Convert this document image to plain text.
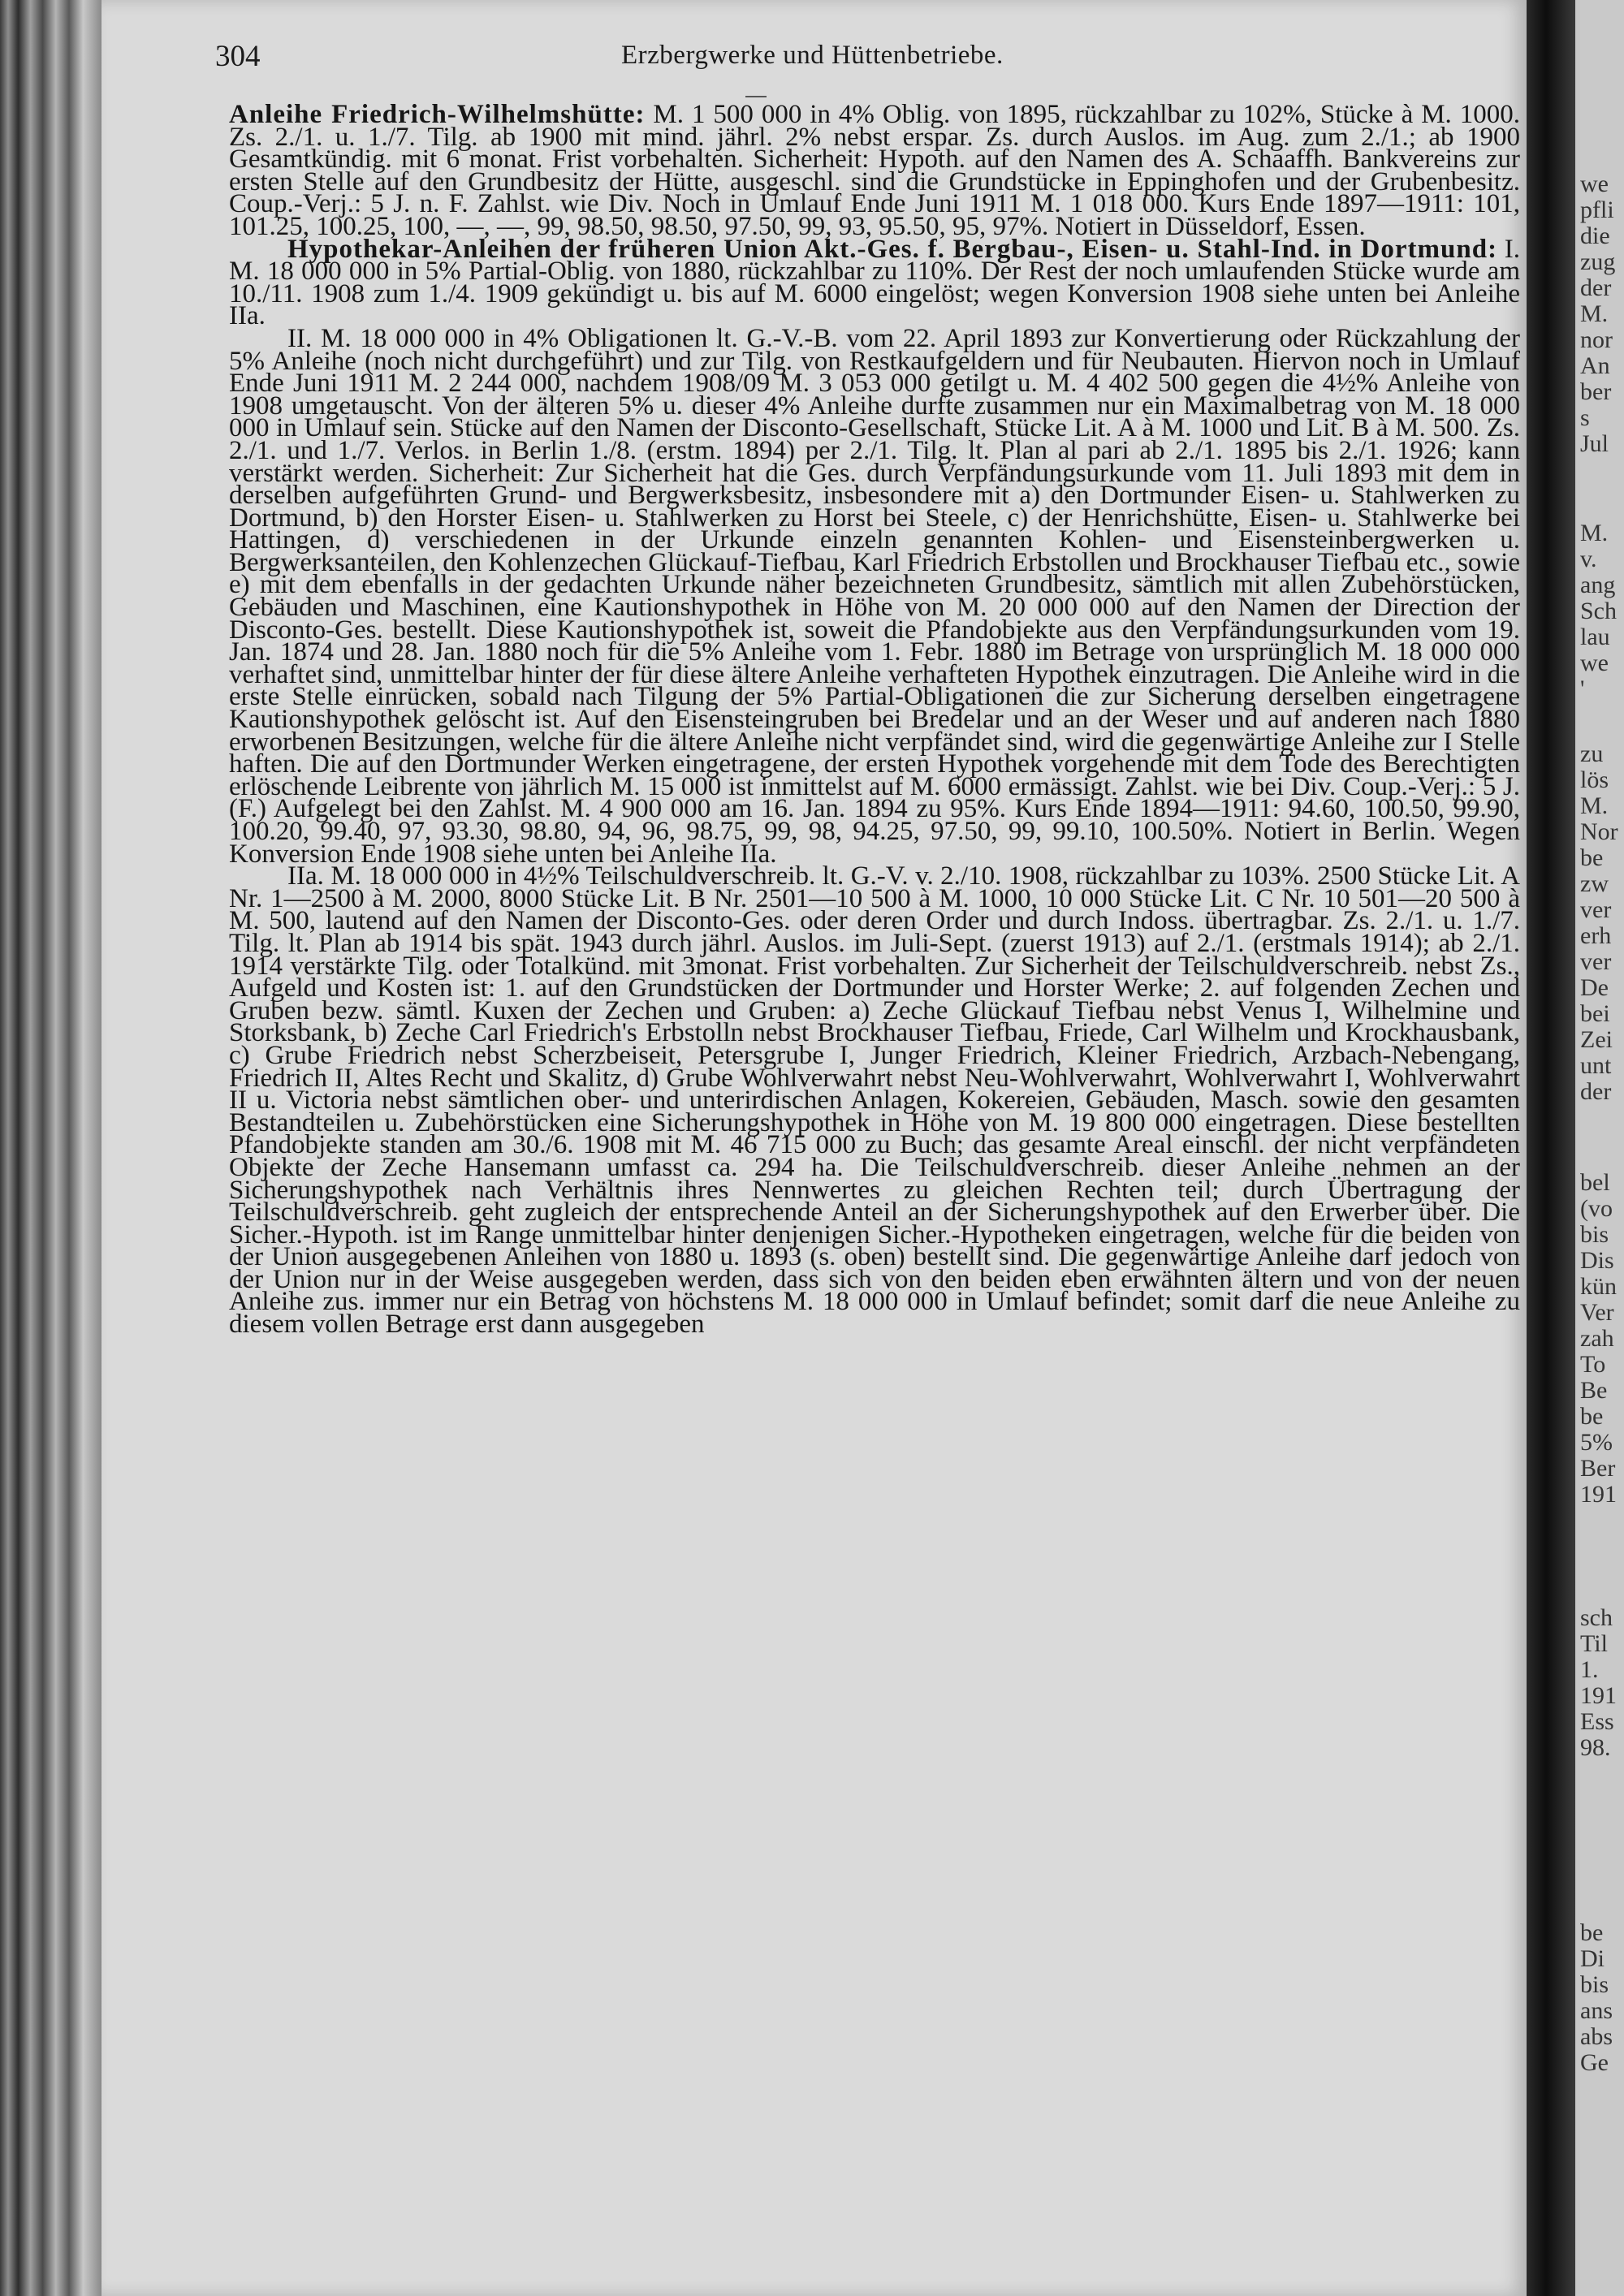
304	Erzbergwerke und Hüttenbetriebe.

Anleihe Friedrich-Wilhelmshütte: M. 1 500 000 in 4% Oblig. von 1895, rückzahlbar zu 102%, Stücke à M. 1000. Zs. 2./1. u. 1./7. Tilg. ab 1900 mit mind. jährl. 2% nebst erspar. Zs. durch Auslos. im Aug. zum 2./1.; ab 1900 Gesamtkündig. mit 6 monat. Frist vorbehalten. Sicherheit: Hypoth. auf den Namen des A. Schaaffh. Bankvereins zur ersten Stelle auf den Grundbesitz der Hütte, ausgeschl. sind die Grundstücke in Eppinghofen und der Grubenbesitz. Coup.-Verj.: 5 J. n. F. Zahlst. wie Div. Noch in Umlauf Ende Juni 1911 M. 1 018 000. Kurs Ende 1897—1911: 101, 101.25, 100.25, 100, —, —, 99, 98.50, 98.50, 97.50, 99, 93, 95.50, 95, 97%. Notiert in Düsseldorf, Essen.

Hypothekar-Anleihen der früheren Union Akt.-Ges. f. Bergbau-, Eisen- u. Stahl-Ind. in Dortmund: I. M. 18 000 000 in 5% Partial-Oblig. von 1880, rückzahlbar zu 110%. Der Rest der noch umlaufenden Stücke wurde am 10./11. 1908 zum 1./4. 1909 gekündigt u. bis auf M. 6000 eingelöst; wegen Konversion 1908 siehe unten bei Anleihe IIa.

II. M. 18 000 000 in 4% Obligationen lt. G.-V.-B. vom 22. April 1893 zur Konvertierung oder Rückzahlung der 5% Anleihe (noch nicht durchgeführt) und zur Tilg. von Restkaufgeldern und für Neubauten. Hiervon noch in Umlauf Ende Juni 1911 M. 2 244 000, nachdem 1908/09 M. 3 053 000 getilgt u. M. 4 402 500 gegen die 4½% Anleihe von 1908 umgetauscht. Von der älteren 5% u. dieser 4% Anleihe durfte zusammen nur ein Maximalbetrag von M. 18 000 000 in Umlauf sein. Stücke auf den Namen der Disconto-Gesellschaft, Stücke Lit. A à M. 1000 und Lit. B à M. 500. Zs. 2./1. und 1./7. Verlos. in Berlin 1./8. (erstm. 1894) per 2./1. Tilg. lt. Plan al pari ab 2./1. 1895 bis 2./1. 1926; kann verstärkt werden. Sicherheit: Zur Sicherheit hat die Ges. durch Verpfändungsurkunde vom 11. Juli 1893 mit dem in derselben aufgeführten Grund- und Bergwerksbesitz, insbesondere mit a) den Dortmunder Eisen- u. Stahlwerken zu Dortmund, b) den Horster Eisen- u. Stahlwerken zu Horst bei Steele, c) der Henrichshütte, Eisen- u. Stahlwerke bei Hattingen, d) verschiedenen in der Urkunde einzeln genannten Kohlen- und Eisensteinbergwerken u. Bergwerksanteilen, den Kohlenzechen Glückauf-Tiefbau, Karl Friedrich Erbstollen und Brockhauser Tiefbau etc., sowie e) mit dem ebenfalls in der gedachten Urkunde näher bezeichneten Grundbesitz, sämtlich mit allen Zubehörstücken, Gebäuden und Maschinen, eine Kautionshypothek in Höhe von M. 20 000 000 auf den Namen der Direction der Disconto-Ges. bestellt. Diese Kautionshypothek ist, soweit die Pfandobjekte aus den Verpfändungsurkunden vom 19. Jan. 1874 und 28. Jan. 1880 noch für die 5% Anleihe vom 1. Febr. 1880 im Betrage von ursprünglich M. 18 000 000 verhaftet sind, unmittelbar hinter der für diese ältere Anleihe verhafteten Hypothek einzutragen. Die Anleihe wird in die erste Stelle einrücken, sobald nach Tilgung der 5% Partial-Obligationen die zur Sicherung derselben eingetragene Kautionshypothek gelöscht ist. Auf den Eisensteingruben bei Bredelar und an der Weser und auf anderen nach 1880 erworbenen Besitzungen, welche für die ältere Anleihe nicht verpfändet sind, wird die gegenwärtige Anleihe zur I Stelle haften. Die auf den Dortmunder Werken eingetragene, der ersten Hypothek vorgehende mit dem Tode des Berechtigten erlöschende Leibrente von jährlich M. 15 000 ist inmittelst auf M. 6000 ermässigt. Zahlst. wie bei Div. Coup.-Verj.: 5 J. (F.) Aufgelegt bei den Zahlst. M. 4 900 000 am 16. Jan. 1894 zu 95%. Kurs Ende 1894—1911: 94.60, 100.50, 99.90, 100.20, 99.40, 97, 93.30, 98.80, 94, 96, 98.75, 99, 98, 94.25, 97.50, 99, 99.10, 100.50%. Notiert in Berlin. Wegen Konversion Ende 1908 siehe unten bei Anleihe IIa.

IIa. M. 18 000 000 in 4½% Teilschuldverschreib. lt. G.-V. v. 2./10. 1908, rückzahlbar zu 103%. 2500 Stücke Lit. A Nr. 1—2500 à M. 2000, 8000 Stücke Lit. B Nr. 2501—10 500 à M. 1000, 10 000 Stücke Lit. C Nr. 10 501—20 500 à M. 500, lautend auf den Namen der Disconto-Ges. oder deren Order und durch Indoss. übertragbar. Zs. 2./1. u. 1./7. Tilg. lt. Plan ab 1914 bis spät. 1943 durch jährl. Auslos. im Juli-Sept. (zuerst 1913) auf 2./1. (erstmals 1914); ab 2./1. 1914 verstärkte Tilg. oder Totalkünd. mit 3monat. Frist vorbehalten. Zur Sicherheit der Teilschuldverschreib. nebst Zs., Aufgeld und Kosten ist: 1. auf den Grundstücken der Dortmunder und Horster Werke; 2. auf folgenden Zechen und Gruben bezw. sämtl. Kuxen der Zechen und Gruben: a) Zeche Glückauf Tiefbau nebst Venus I, Wilhelmine und Storksbank, b) Zeche Carl Friedrich's Erbstolln nebst Brockhauser Tiefbau, Friede, Carl Wilhelm und Krockhausbank, c) Grube Friedrich nebst Scherzbeiseit, Petersgrube I, Junger Friedrich, Kleiner Friedrich, Arzbach-Nebengang, Friedrich II, Altes Recht und Skalitz, d) Grube Wohlverwahrt nebst Neu-Wohlverwahrt, Wohlverwahrt I, Wohlverwahrt II u. Victoria nebst sämtlichen ober- und unterirdischen Anlagen, Kokereien, Gebäuden, Masch. sowie den gesamten Bestandteilen u. Zubehörstücken eine Sicherungshypothek in Höhe von M. 19 800 000 eingetragen. Diese bestellten Pfandobjekte standen am 30./6. 1908 mit M. 46 715 000 zu Buch; das gesamte Areal einschl. der nicht verpfändeten Objekte der Zeche Hansemann umfasst ca. 294 ha. Die Teilschuldverschreib. dieser Anleihe nehmen an der Sicherungshypothek nach Verhältnis ihres Nennwertes zu gleichen Rechten teil; durch Übertragung der Teilschuldverschreib. geht zugleich der entsprechende Anteil an der Sicherungshypothek auf den Erwerber über. Die Sicher.-Hypoth. ist im Range unmittelbar hinter denjenigen Sicher.-Hypotheken eingetragen, welche für die beiden von der Union ausgegebenen Anleihen von 1880 u. 1893 (s. oben) bestellt sind. Die gegenwärtige Anleihe darf jedoch von der Union nur in der Weise ausgegeben werden, dass sich von den beiden eben erwähnten ältern und von der neuen Anleihe zus. immer nur ein Betrag von höchstens M. 18 000 000 in Umlauf befindet; somit darf die neue Anleihe zu diesem vollen Betrage erst dann ausgegeben

we
pfli
die
zug
der
M.
nor
An
ber
s
Jul
M.
v.
ang
Sch
lau
we
'
zu
lös
M.
Nor
be
zw
ver
erh
ver
De
bei
Zei
unt
der
bel
(vo
bis
Dis
kün
Ver
zah
To
Be
be
5%
Ber
191
sch
Til
1.
191
Ess
98.
be
Di
bis
ans
abs
Ge
